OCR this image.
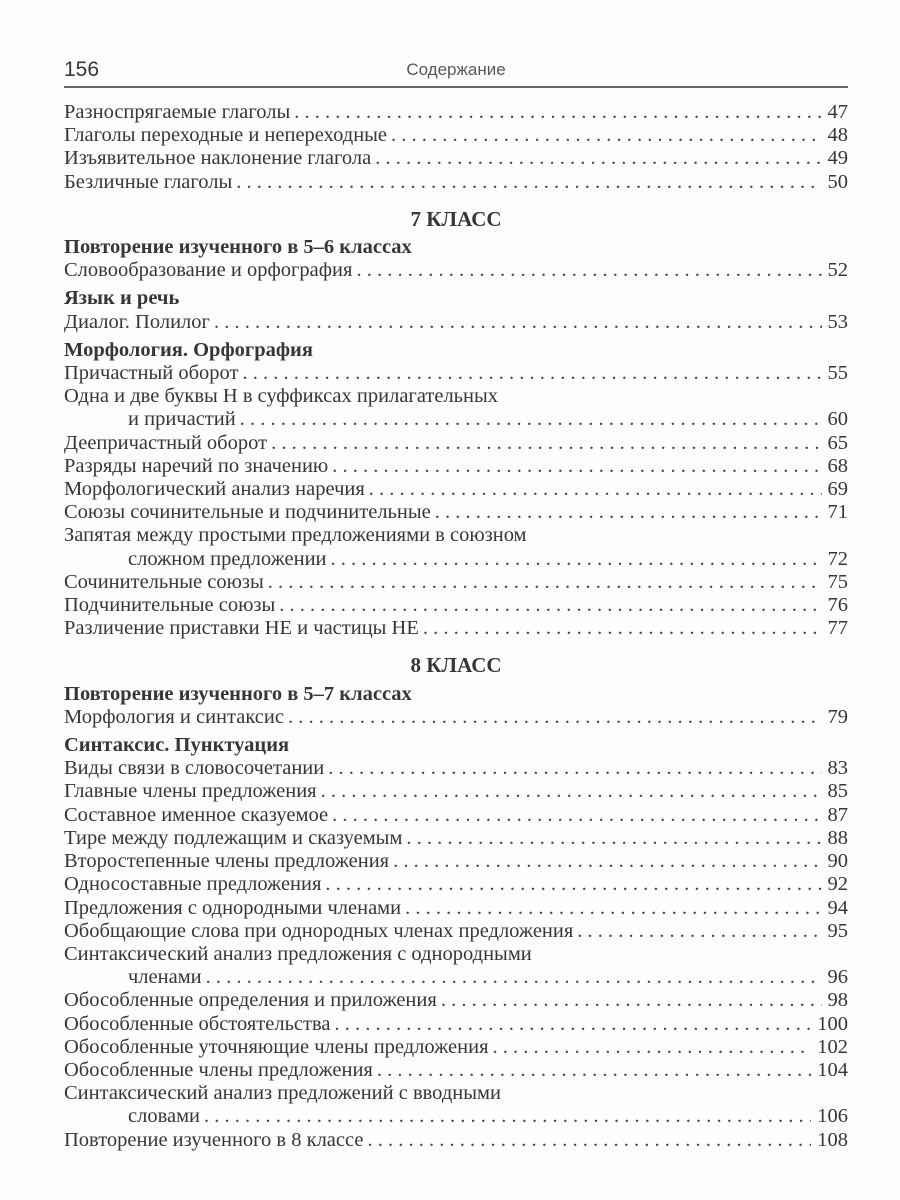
156	Содержание
Разноспрягаемые глаголы . . .	47
Глаголы переходные и непереходные . . .	48
Изъявительное наклонение глагола . . .	49
Безличные глаголы . . .	50
7 КЛАСС
Повторение изученного в 5–6 классах
Словообразование и орфография . . .	52
Язык и речь
Диалог. Полилог . . .	53
Морфология. Орфография
Причастный оборот . . .	55
Одна и две буквы Н в суффиксах прилагательных
и причастий . . .	60
Деепричастный оборот . . .	65
Разряды наречий по значению . . .	68
Морфологический анализ наречия . . .	69
Союзы сочинительные и подчинительные . . .	71
Запятая между простыми предложениями в союзном
сложном предложении . . .	72
Сочинительные союзы . . .	75
Подчинительные союзы . . .	76
Различение приставки НЕ и частицы НЕ . . .	77
8 КЛАСС
Повторение изученного в 5–7 классах
Морфология и синтаксис . . .	79
Синтаксис. Пунктуация
Виды связи в словосочетании . . .	83
Главные члены предложения . . .	85
Составное именное сказуемое . . .	87
Тире между подлежащим и сказуемым . . .	88
Второстепенные члены предложения . . .	90
Односоставные предложения . . .	92
Предложения с однородными членами . . .	94
Обобщающие слова при однородных членах предложения . . .	95
Синтаксический анализ предложения с однородными
членами . . .	96
Обособленные определения и приложения . . .	98
Обособленные обстоятельства . . .	100
Обособленные уточняющие члены предложения . . .	102
Обособленные члены предложения . . .	104
Синтаксический анализ предложений с вводными
словами . . .	106
Повторение изученного в 8 классе . . .	108
